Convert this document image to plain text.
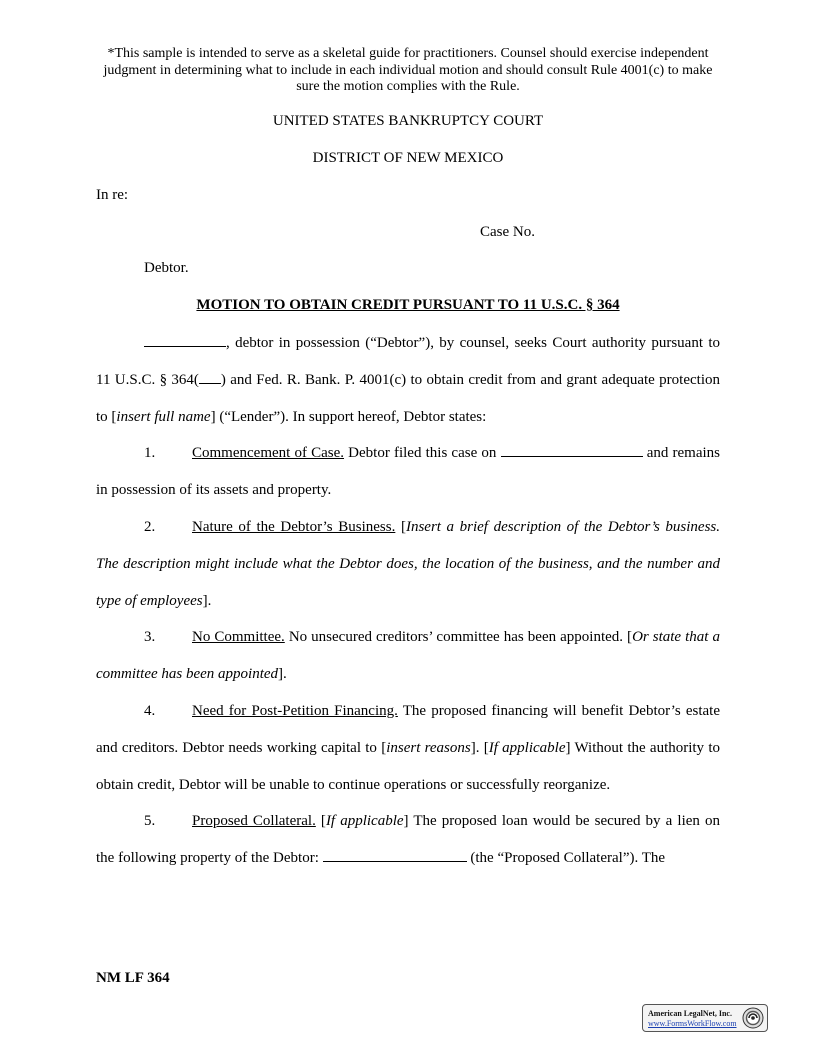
*This sample is intended to serve as a skeletal guide for practitioners. Counsel should exercise independent judgment in determining what to include in each individual motion and should consult Rule 4001(c) to make sure the motion complies with the Rule.
UNITED STATES BANKRUPTCY COURT
DISTRICT OF NEW MEXICO
In re:
Case No.
Debtor.
MOTION TO OBTAIN CREDIT PURSUANT TO 11 U.S.C. § 364

, debtor in possession (“Debtor”), by counsel, seeks Court authority pursuant to 11 U.S.C. § 364( ) and Fed. R. Bank. P. 4001(c) to obtain credit from and grant adequate protection to [insert full name] (“Lender”). In support hereof, Debtor states:

1. Commencement of Case. Debtor filed this case on	and remains in possession of its assets and property.

2. Nature of the Debtor’s Business. [Insert a brief description of the Debtor’s business. The description might include what the Debtor does, the location of the business, and the number and type of employees].

3. No Committee. No unsecured creditors’ committee has been appointed. [Or state that a committee has been appointed].

4. Need for Post-Petition Financing. The proposed financing will benefit Debtor’s estate and creditors. Debtor needs working capital to [insert reasons]. [If applicable] Without the authority to obtain credit, Debtor will be unable to continue operations or successfully reorganize.

5. Proposed Collateral. [If applicable] The proposed loan would be secured by a lien on the following property of the Debtor:	(the “Proposed Collateral”). The

NM LF 364
American LegalNet, Inc.
www.FormsWorkFlow.com
